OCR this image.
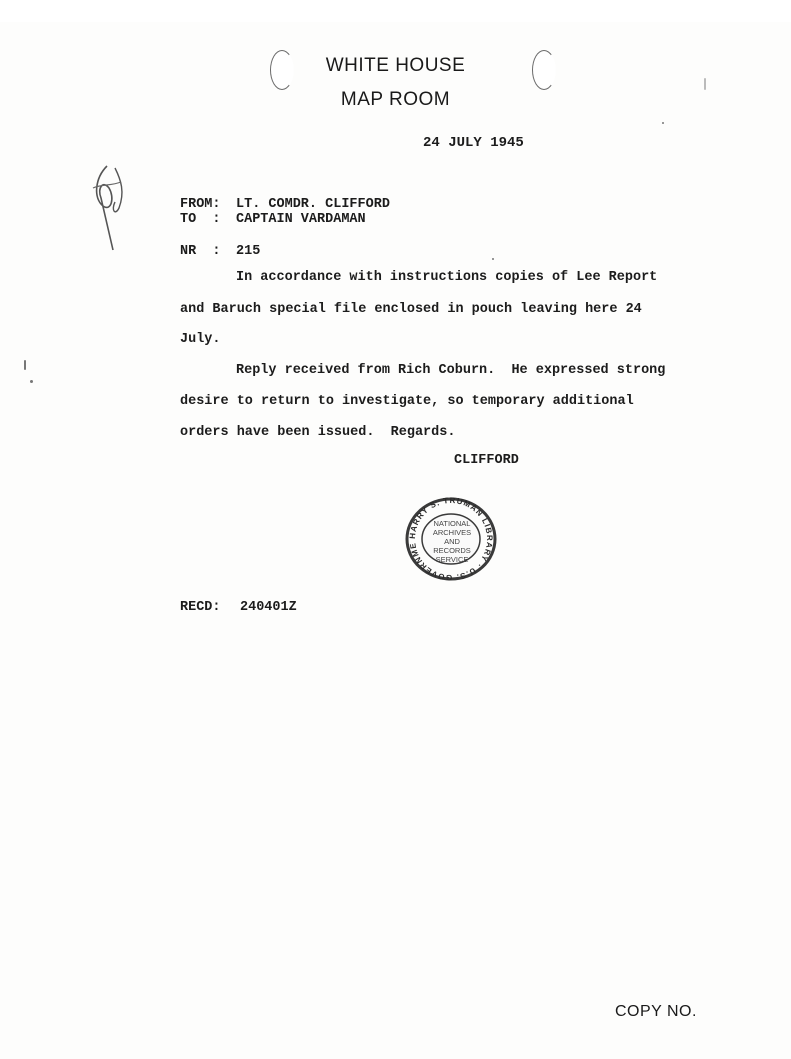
WHITE HOUSE
MAP ROOM
24 JULY 1945
FROM: LT. COMDR. CLIFFORD
TO  : CAPTAIN VARDAMAN
NR  : 215
In accordance with instructions copies of Lee Report
and Baruch special file enclosed in pouch leaving here 24
July.
Reply received from Rich Coburn.  He expressed strong
desire to return to investigate, so temporary additional
orders have been issued.  Regards.
CLIFFORD
HARRY S. TRUMAN LIBRARY · U.S. GOVERNME
NATIONAL
ARCHIVES AND
RECORDS
SERVICE
RECD: 240401Z
COPY NO.
